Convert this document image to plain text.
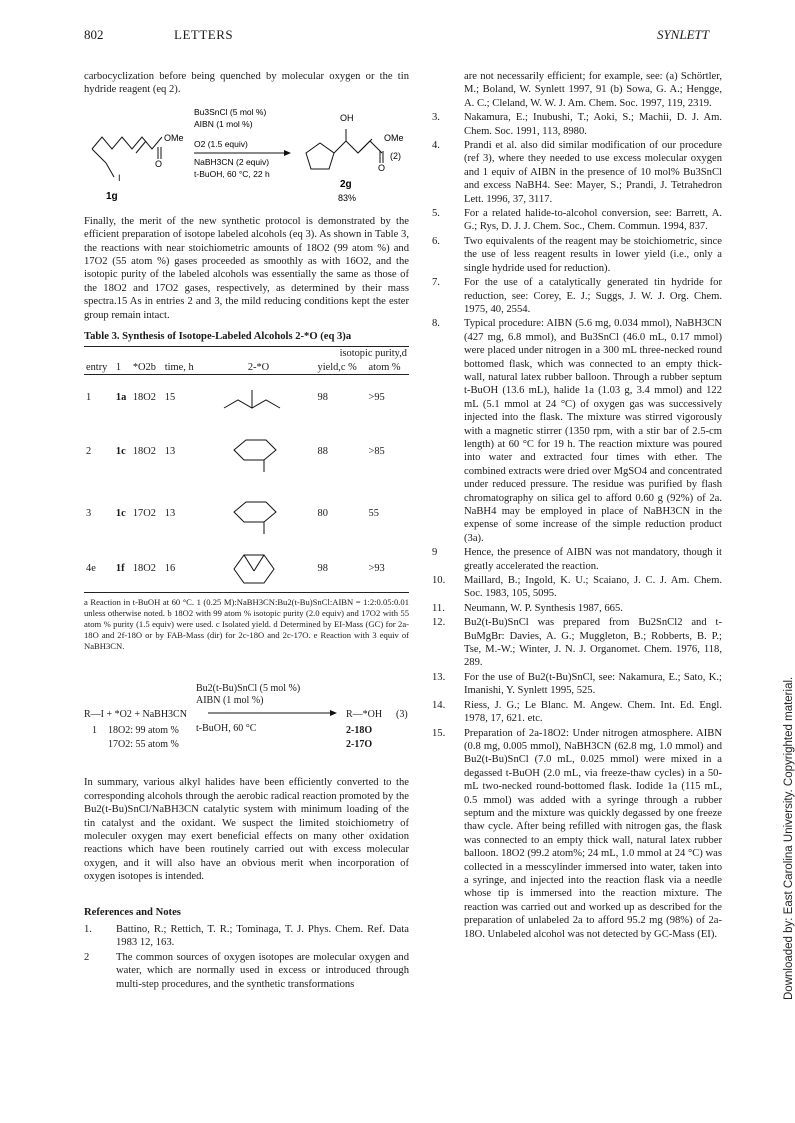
802	LETTERS	SYNLETT

carbocyclization before being quenched by molecular oxygen or the tin hydride reagent (eq 2).

OMe
O
I
1g
Bu3SnCl (5 mol %)
AIBN (1 mol %)
O2 (1.5 equiv)
NaBH3CN (2 equiv)
t-BuOH, 60 °C, 22 h
OH
O
OMe
(2)
2g
83%

Finally, the merit of the new synthetic protocol is demonstrated by the efficient preparation of isotope labeled alcohols (eq 3). As shown in Table 3, the reactions with near stoichiometric amounts of 18O2 (99 atom %) and 17O2 (55 atom %) gases proceeded as smoothly as with 16O2, and the isotopic purity of the labeled alcohols was essentially the same as those of the 18O2 and 17O2 gases, respectively, as determined by their mass spectra.15 As in entries 2 and 3, the mild reducing conditions kept the ester group remain intact.

Table 3. Synthesis of Isotope-Labeled Alcohols 2-*O (eq 3)a
					isotopic purity,d	
entry	1	*O2b	time, h	2-*O	yield,c %	atom %
1	1a	18O2	15		98	>95
2	1c	18O2	13		88	>85
3	1c	17O2	13		80	55
4e	1f	18O2	16		98	>93

a Reaction in t-BuOH at 60 °C. 1 (0.25 M):NaBH3CN:Bu2(t-Bu)SnCl:AIBN = 1:2:0.05:0.01 unless otherwise noted. b 18O2 with 99 atom % isotopic purity (2.0 equiv) and 17O2 with 55 atom % purity (1.5 equiv) were used. c Isolated yield. d Determined by EI-Mass (GC) for 2a-18O and 2f-18O or by FAB-Mass (dir) for 2c-18O and 2c-17O. e Reaction with 3 equiv of NaBH3CN.

Bu2(t-Bu)SnCl (5 mol %)
AIBN (1 mol %)
R—I + *O2 + NaBH3CN	R—*OH (3)
t-BuOH, 60 °C
1 18O2: 99 atom %
17O2: 55 atom %
2-18O
2-17O

In summary, various alkyl halides have been efficiently converted to the corresponding alcohols through the aerobic radical reaction promoted by the Bu2(t-Bu)SnCl/NaBH3CN catalytic system with minimum loading of the tin catalyst and the oxidant. We suspect the limited stoichiometry of moleculer oxygen may exert beneficial effects on many other oxidation reactions which have been routinely carried out with excess molecular oxygen, and it will also have an obvious merit when incorporation of oxygen isotopes is intended.

References and Notes
1. Battino, R.; Rettich, T. R.; Tominaga, T. J. Phys. Chem. Ref. Data 1983 12, 163.
2	The common sources of oxygen isotopes are molecular oxygen and water, which are normally used in excess or introduced through multi-step procedures, and the synthetic transformations
are not necessarily efficient; for example, see: (a) Schörtler, M.; Boland, W. Synlett 1997, 91 (b) Sowa, G. A.; Hengge, A. C.; Cleland, W. W. J. Am. Chem. Soc. 1997, 119, 2319.
3. Nakamura, E.; Inubushi, T.; Aoki, S.; Machii, D. J. Am. Chem. Soc. 1991, 113, 8980.
4. Prandi et al. also did similar modification of our procedure (ref 3), where they needed to use excess molecular oxygen and 1 equiv of AIBN in the presence of 10 mol% Bu3SnCl and excess NaBH4. See: Mayer, S.; Prandi, J. Tetrahedron Lett. 1996, 37, 3117.
5. For a related halide-to-alcohol conversion, see: Barrett, A. G.; Rys, D. J. J. Chem. Soc., Chem. Commun. 1994, 837.
6. Two equivalents of the reagent may be stoichiometric, since the use of less reagent results in lower yield (i.e., only a single hydride used for reduction).
7. For the use of a catalytically generated tin hydride for reduction, see: Corey, E. J.; Suggs, J. W. J. Org. Chem. 1975, 40, 2554.
8. Typical procedure: AIBN (5.6 mg, 0.034 mmol), NaBH3CN (427 mg, 6.8 mmol), and Bu3SnCl (46.0 mL, 0.17 mmol) were placed under nitrogen in a 300 mL three-necked round bottomed flask, which was connected to an empty thick-wall, natural latex rubber balloon. Through a rubber septum t-BuOH (13.6 mL), halide 1a (1.03 g, 3.4 mmol) and 122 mL (5.1 mmol at 24 °C) of oxygen gas was successively injected into the flask. The mixture was stirred vigorously with a magnetic stirrer (1350 rpm, with a stir bar of 2.5-cm length) at 60 °C for 19 h. The reaction mixture was poured into water and extracted four times with ether. The combined extracts were dried over MgSO4 and concentrated under reduced pressure. The residue was purified by flash chromatography on silica gel to afford 0.60 g (92%) of 2a. NaBH4 may be employed in place of NaBH3CN in the expense of some increase of the simple reduction product (3a).
9	Hence, the presence of AIBN was not mandatory, though it greatly accelerated the reaction.
10. Maillard, B.; Ingold, K. U.; Scaiano, J. C. J. Am. Chem. Soc. 1983, 105, 5095.
11. Neumann, W. P. Synthesis 1987, 665.
12. Bu2(t-Bu)SnCl was prepared from Bu2SnCl2 and t-BuMgBr: Davies, A. G.; Muggleton, B.; Robberts, B. P.; Tse, M.-W.; Winter, J. N. J. Organomet. Chem. 1976, 118, 289.
13. For the use of Bu2(t-Bu)SnCl, see: Nakamura, E.; Sato, K.; Imanishi, Y. Synlett 1995, 525.
14. Riess, J. G.; Le Blanc. M. Angew. Chem. Int. Ed. Engl. 1978, 17, 621. etc.
15. Preparation of 2a-18O2: Under nitrogen atmosphere. AIBN (0.8 mg, 0.005 mmol), NaBH3CN (62.8 mg, 1.0 mmol) and Bu2(t-Bu)SnCl (7.0 mL, 0.025 mmol) were mixed in a degassed t-BuOH (2.0 mL, via freeze-thaw cycles) in a 50-mL two-necked round-bottomed flask. Iodide 1a (115 mL, 0.5 mmol) was added with a syringe through a rubber septum and the mixture was quickly degassed by one freeze thaw cycle. After being refilled with nitrogen gas, the flask was connected to an empty thick wall, natural latex rubber balloon. 18O2 (99.2 atom%; 24 mL, 1.0 mmol at 24 °C) was collected in a messcylinder immersed into water, taken into a syringe, and injected into the reaction flask via a needle whose tip is immersed into the reaction mixture. The reaction was carried out and worked up as described for the preparation of unlabeled 2a to afford 95.2 mg (98%) of 2a-18O. Unlabeled alcohol was not detected by GC-Mass (EI).	Downloaded by: East Carolina University. Copyrighted material.
